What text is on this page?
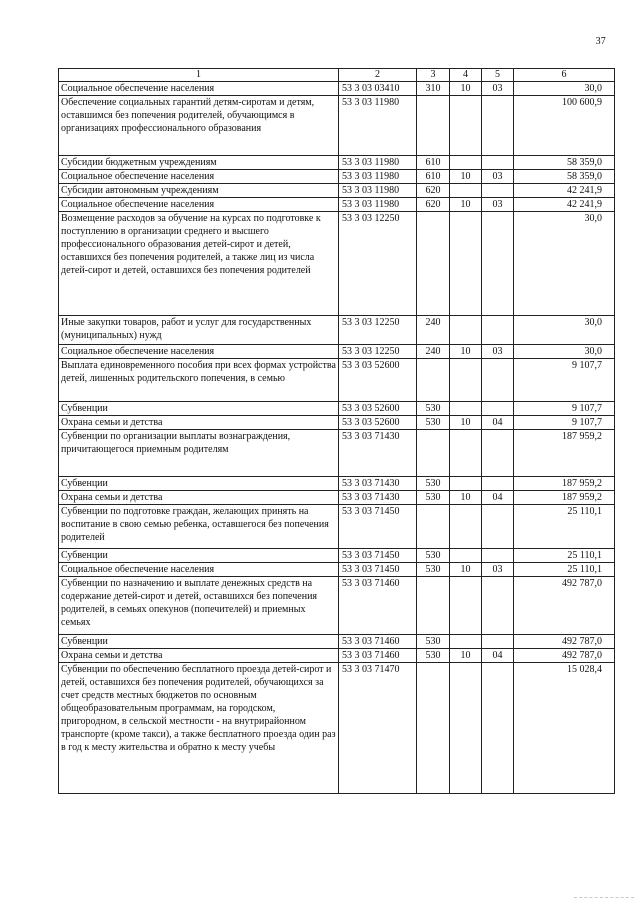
37
1	2	3	4	5	6
Социальное обеспечение населения	53 3 03 03410	310	10	03	30,0
Обеспечение социальных гарантий детям-сиротам и детям, оставшимся без попечения родителей, обучающимся в организациях профессионального образования	53 3 03 11980				100 600,9
Субсидии бюджетным учреждениям	53 3 03 11980	610			58 359,0
Социальное обеспечение населения	53 3 03 11980	610	10	03	58 359,0
Субсидии автономным учреждениям	53 3 03 11980	620			42 241,9
Социальное обеспечение населения	53 3 03 11980	620	10	03	42 241,9
Возмещение расходов за обучение на курсах по подготовке к поступлению в организации среднего и высшего профессионального образования детей-сирот и детей, оставшихся без попечения родителей, а также лиц из числа детей-сирот и детей, оставшихся без попечения родителей	53 3 03 12250				30,0
Иные закупки товаров, работ и услуг для государственных (муниципальных) нужд	53 3 03 12250	240			30,0
Социальное обеспечение населения	53 3 03 12250	240	10	03	30,0
Выплата единовременного пособия при всех формах устройства детей, лишенных родительского попечения, в семью	53 3 03 52600				9 107,7
Субвенции	53 3 03 52600	530			9 107,7
Охрана семьи и детства	53 3 03 52600	530	10	04	9 107,7
Субвенции по организации выплаты вознаграждения, причитающегося приемным родителям	53 3 03 71430				187 959,2
Субвенции	53 3 03 71430	530			187 959,2
Охрана семьи и детства	53 3 03 71430	530	10	04	187 959,2
Субвенции по подготовке граждан, желающих принять на воспитание в свою семью ребенка, оставшегося без попечения родителей	53 3 03 71450				25 110,1
Субвенции	53 3 03 71450	530			25 110,1
Социальное обеспечение населения	53 3 03 71450	530	10	03	25 110,1
Субвенции по назначению и выплате денежных средств на содержание детей-сирот и детей, оставшихся без попечения родителей, в семьях опекунов (попечителей) и приемных семьях	53 3 03 71460				492 787,0
Субвенции	53 3 03 71460	530			492 787,0
Охрана семьи и детства	53 3 03 71460	530	10	04	492 787,0
Субвенции по обеспечению бесплатного проезда детей-сирот и детей, оставшихся без попечения родителей, обучающихся за счет средств местных бюджетов по основным общеобразовательным программам, на городском, пригородном, в сельской местности - на внутрирайонном транспорте (кроме такси), а также бесплатного проезда один раз в год к месту жительства и обратно к месту учебы	53 3 03 71470				15 028,4
